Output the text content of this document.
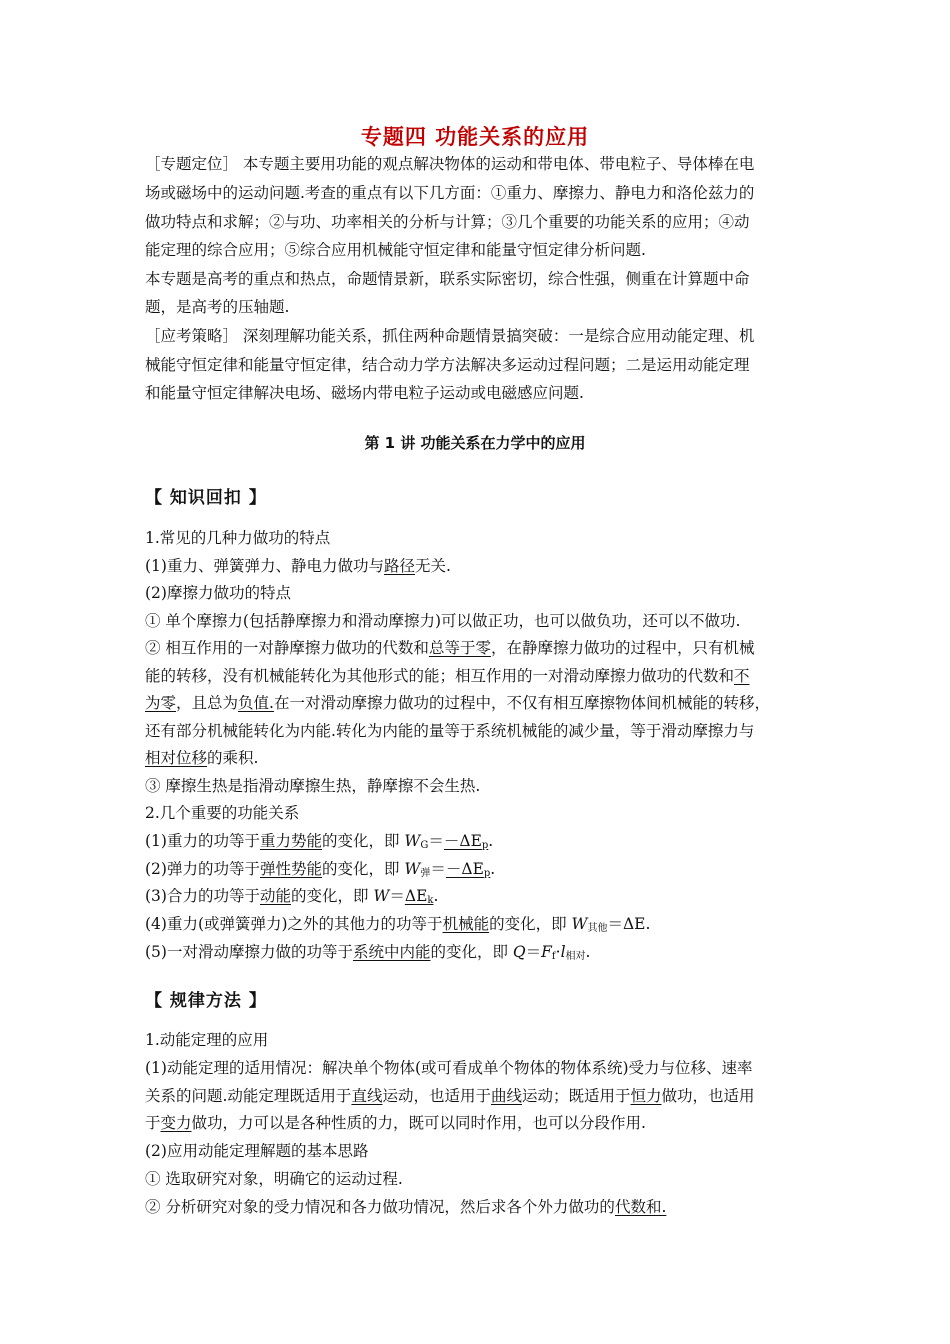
专题四 功能关系的应用
［专题定位］ 本专题主要用功能的观点解决物体的运动和带电体、带电粒子、导体棒在电
场或磁场中的运动问题.考查的重点有以下几方面：①重力、摩擦力、静电力和洛伦兹力的
做功特点和求解；②与功、功率相关的分析与计算；③几个重要的功能关系的应用；④动
能定理的综合应用；⑤综合应用机械能守恒定律和能量守恒定律分析问题.
本专题是高考的重点和热点，命题情景新，联系实际密切，综合性强，侧重在计算题中命
题，是高考的压轴题.
［应考策略］ 深刻理解功能关系，抓住两种命题情景搞突破：一是综合应用动能定理、机
械能守恒定律和能量守恒定律，结合动力学方法解决多运动过程问题；二是运用动能定理
和能量守恒定律解决电场、磁场内带电粒子运动或电磁感应问题.
第 1 讲 功能关系在力学中的应用
【 知识回扣 】
1.常见的几种力做功的特点
(1)重力、弹簧弹力、静电力做功与路径无关.
(2)摩擦力做功的特点
① 单个摩擦力(包括静摩擦力和滑动摩擦力)可以做正功，也可以做负功，还可以不做功.
② 相互作用的一对静摩擦力做功的代数和总等于零，在静摩擦力做功的过程中，只有机械
能的转移，没有机械能转化为其他形式的能；相互作用的一对滑动摩擦力做功的代数和不
为零，且总为负值.在一对滑动摩擦力做功的过程中，不仅有相互摩擦物体间机械能的转移，
还有部分机械能转化为内能.转化为内能的量等于系统机械能的减少量，等于滑动摩擦力与
相对位移的乘积.
③ 摩擦生热是指滑动摩擦生热，静摩擦不会生热.
2.几个重要的功能关系
(1)重力的功等于重力势能的变化，即 $W_G=-\Delta E_p$.
(2)弹力的功等于弹性势能的变化，即 $W_弹=-\Delta E_p$.
(3)合力的功等于动能的变化，即 $W=\Delta E_k$.
(4)重力(或弹簧弹力)之外的其他力的功等于机械能的变化，即 $W_{其他}=\Delta E$.
(5)一对滑动摩擦力做的功等于系统中内能的变化，即 $Q=F_f\cdot l_{相对}$.
【 规律方法 】
1.动能定理的应用
(1)动能定理的适用情况：解决单个物体(或可看成单个物体的物体系统)受力与位移、速率
关系的问题.动能定理既适用于直线运动，也适用于曲线运动；既适用于恒力做功，也适用
于变力做功，力可以是各种性质的力，既可以同时作用，也可以分段作用.
(2)应用动能定理解题的基本思路
① 选取研究对象，明确它的运动过程.
② 分析研究对象的受力情况和各力做功情况，然后求各个外力做功的代数和.
